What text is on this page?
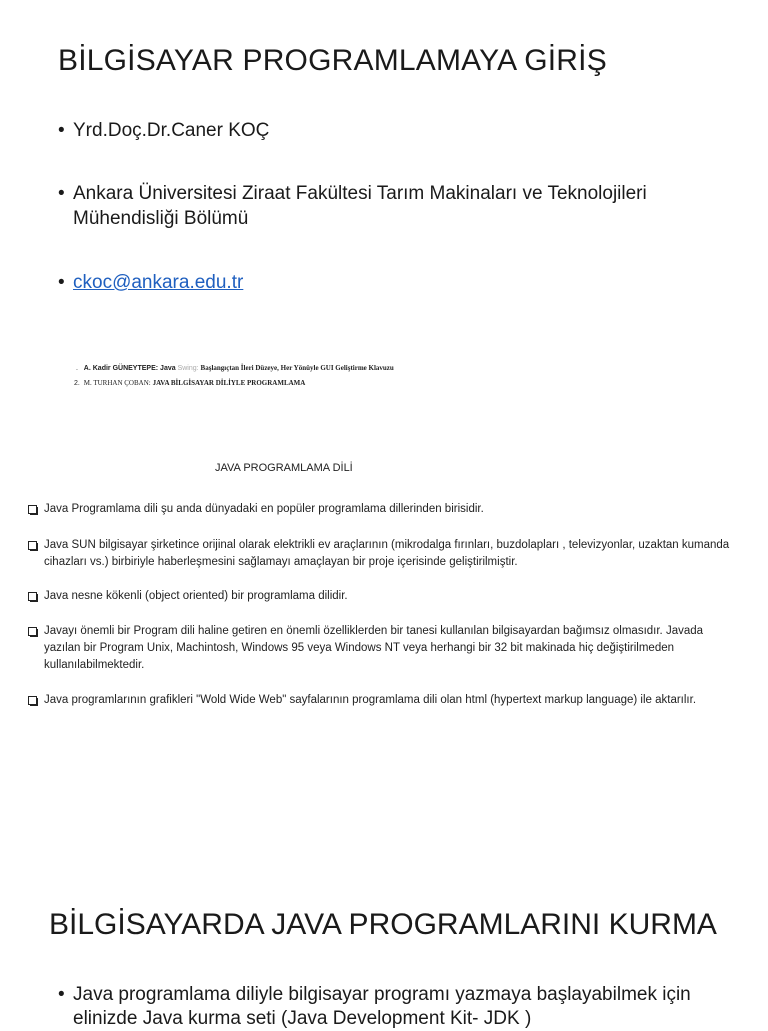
BİLGİSAYAR PROGRAMLAMAYA GİRİŞ
• Yrd.Doç.Dr.Caner KOÇ
• Ankara Üniversitesi Ziraat Fakültesi Tarım Makinaları ve Teknolojileri Mühendisliği Bölümü
• ckoc@ankara.edu.tr
. A. Kadir GÜNEYTEPE: Java Swing: Başlangıçtan İleri Düzeye, Her Yönüyle GUI Geliştirme Klavuzu
2. M. TURHAN ÇOBAN: JAVA BİLGİSAYAR DİLİYLE PROGRAMLAMA
JAVA PROGRAMLAMA DİLİ
Java Programlama dili şu anda dünyadaki en popüler programlama dillerinden birisidir.
Java SUN bilgisayar şirketince orijinal olarak elektrikli ev araçlarının (mikrodalga fırınları, buzdolapları , televizyonlar, uzaktan kumanda cihazları vs.) birbiriyle haberleşmesini sağlamayı amaçlayan bir proje içerisinde geliştirilmiştir.
Java nesne kökenli (object oriented) bir programlama dilidir.
Javayı önemli bir Program dili haline getiren en önemli özelliklerden bir tanesi kullanılan bilgisayardan bağımsız olmasıdır. Javada yazılan bir Program Unix, Machintosh, Windows 95 veya Windows NT veya herhangi bir 32 bit makinada hiç değiştirilmeden kullanılabilmektedir.
Java programlarının grafikleri "Wold Wide Web" sayfalarının programlama dili olan html (hypertext markup language) ile aktarılır.
BİLGİSAYARDA JAVA PROGRAMLARINI KURMA
• Java programlama diliyle bilgisayar programı yazmaya başlayabilmek için elinizde Java kurma seti (Java Development Kit- JDK )
